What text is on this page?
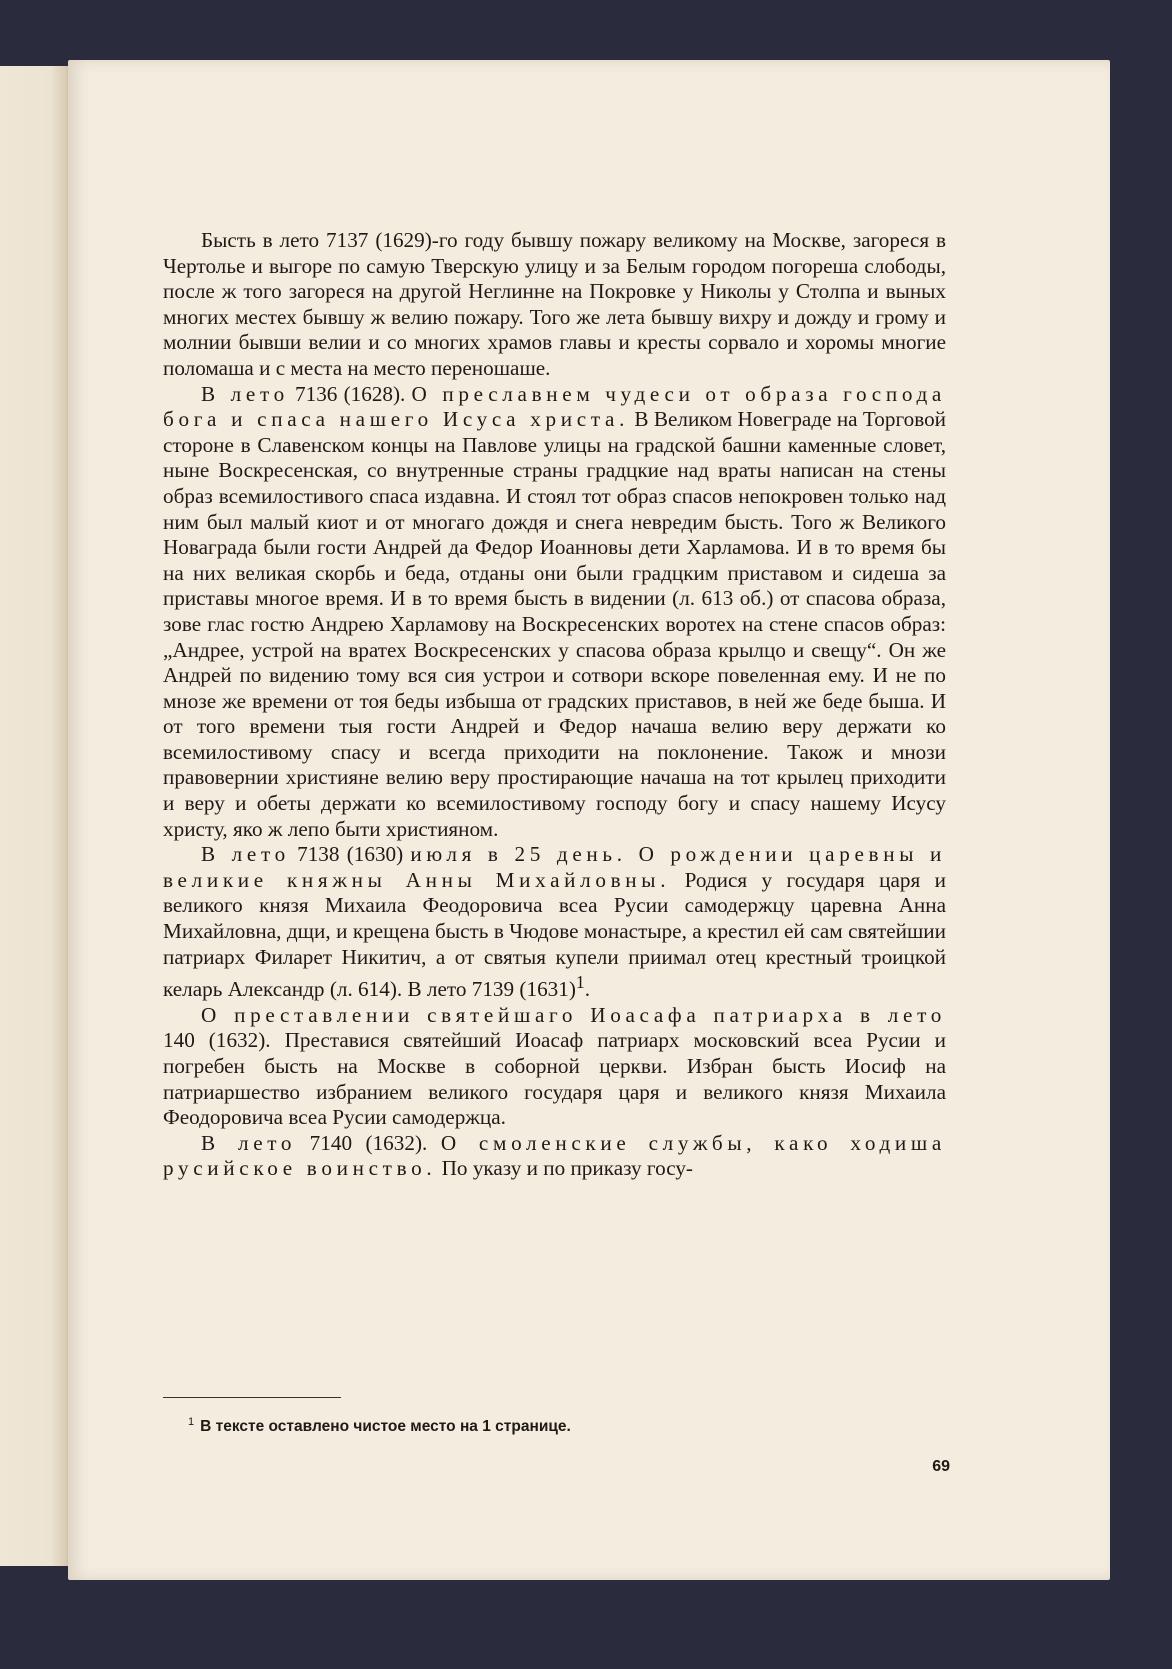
Бысть в лето 7137 (1629)-го году бывшу пожару великому на Москве, загореся в Чертолье и выгоре по самую Тверскую улицу и за Белым городом погореша слободы, после ж того загореся на другой Неглинне на Покровке у Николы у Столпа и выных многих местех бывшу ж велию пожару. Того же лета бывшу вихру и дожду и грому и молнии бывши велии и со многих храмов главы и кресты сорвало и хоромы многие поломаша и с места на место переношаше.

В лето 7136 (1628). О преславнем чудеси от образа господа бога и спаса нашего Исуса христа. В Великом Новеграде на Торговой стороне в Славенском концы на Павлове улицы на градской башни каменные словет, ныне Воскресенская, со внутренные страны градцкие над враты написан на стены образ всемилостивого спаса издавна. И стоял тот образ спасов непокровен только над ним был малый киот и от многаго дождя и снега невредим бысть. Того ж Великого Новаграда были гости Андрей да Федор Иоанновы дети Харламова. И в то время бы на них великая скорбь и беда, отданы они были градцким приставом и сидеша за приставы многое время. И в то время бысть в видении (л. 613 об.) от спасова образа, зове глас гостю Андрею Харламову на Воскресенских воротех на стене спасов образ: „Андрее, устрой на вратех Воскресенских у спасова образа крылцо и свещу“. Он же Андрей по видению тому вся сия устрои и сотвори вскоре повеленная ему. И не по мнозе же времени от тоя беды избыша от градских приставов, в ней же беде быша. И от того времени тыя гости Андрей и Федор начаша велию веру держати ко всемилостивому спасу и всегда приходити на поклонение. Також и мнози правовернии християне велию веру простирающие начаша на тот крылец приходити и веру и обеты держати ко всемилостивому господу богу и спасу нашему Исусу христу, яко ж лепо быти християном.

В лето 7138 (1630) июля в 25 день. О рождении царевны и великие княжны Анны Михайловны. Родися у государя царя и великого князя Михаила Феодоровича всеа Русии самодержцу царевна Анна Михайловна, дщи, и крещена бысть в Чюдове монастыре, а крестил ей сам святейшии патриарх Филарет Никитич, а от святыя купели приимал отец крестный троицкой келарь Александр (л. 614). В лето 7139 $(1631)^1$.

О преставлении святейшаго Иоасафа патриарха в лето 140 (1632). Преставися святейший Иоасаф патриарх московский всеа Русии и погребен бысть на Москве в соборной церкви. Избран бысть Иосиф на патриаршество избранием великого государя царя и великого князя Михаила Феодоровича всеа Русии самодержца.

В лето 7140 (1632). О смоленские службы, како ходиша русийское воинство. По указу и по приказу госу-

$^1$ В тексте оставлено чистое место на 1 странице.
69
